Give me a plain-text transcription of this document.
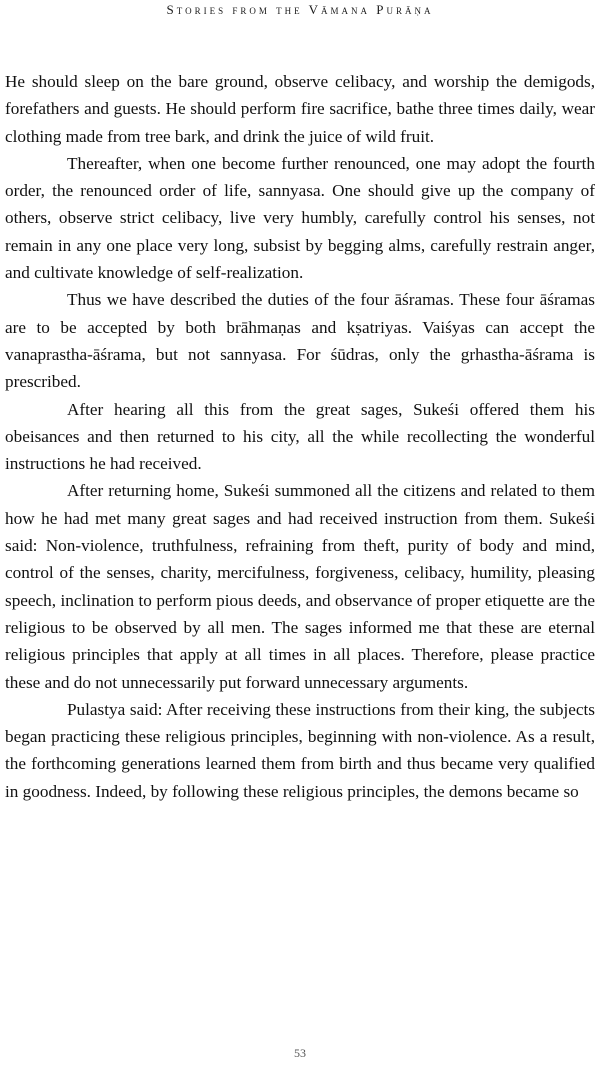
Stories from the Vāmana Purāṇa

He should sleep on the bare ground, observe celibacy, and worship the demigods, forefathers and guests. He should perform fire sacrifice, bathe three times daily, wear clothing made from tree bark, and drink the juice of wild fruit.

Thereafter, when one become further renounced, one may adopt the fourth order, the renounced order of life, sannyasa. One should give up the company of others, observe strict celibacy, live very humbly, carefully control his senses, not remain in any one place very long, subsist by begging alms, carefully restrain anger, and cultivate knowledge of self-realization.

Thus we have described the duties of the four āśramas. These four āśramas are to be accepted by both brāhmaṇas and kṣatriyas. Vaiśyas can accept the vanaprastha-āśrama, but not sannyasa. For śūdras, only the grhastha-āśrama is prescribed.

After hearing all this from the great sages, Sukeśi offered them his obeisances and then returned to his city, all the while recollecting the wonderful instructions he had received.

After returning home, Sukeśi summoned all the citizens and related to them how he had met many great sages and had received instruction from them. Sukeśi said: Non-violence, truthfulness, refraining from theft, purity of body and mind, control of the senses, charity, mercifulness, forgiveness, celibacy, humility, pleasing speech, inclination to perform pious deeds, and observance of proper etiquette are the religious to be observed by all men. The sages informed me that these are eternal religious principles that apply at all times in all places. Therefore, please practice these and do not unnecessarily put forward unnecessary arguments.

Pulastya said: After receiving these instructions from their king, the subjects began practicing these religious principles, beginning with non-violence. As a result, the forthcoming generations learned them from birth and thus became very qualified in goodness. Indeed, by following these religious principles, the demons became so

53
